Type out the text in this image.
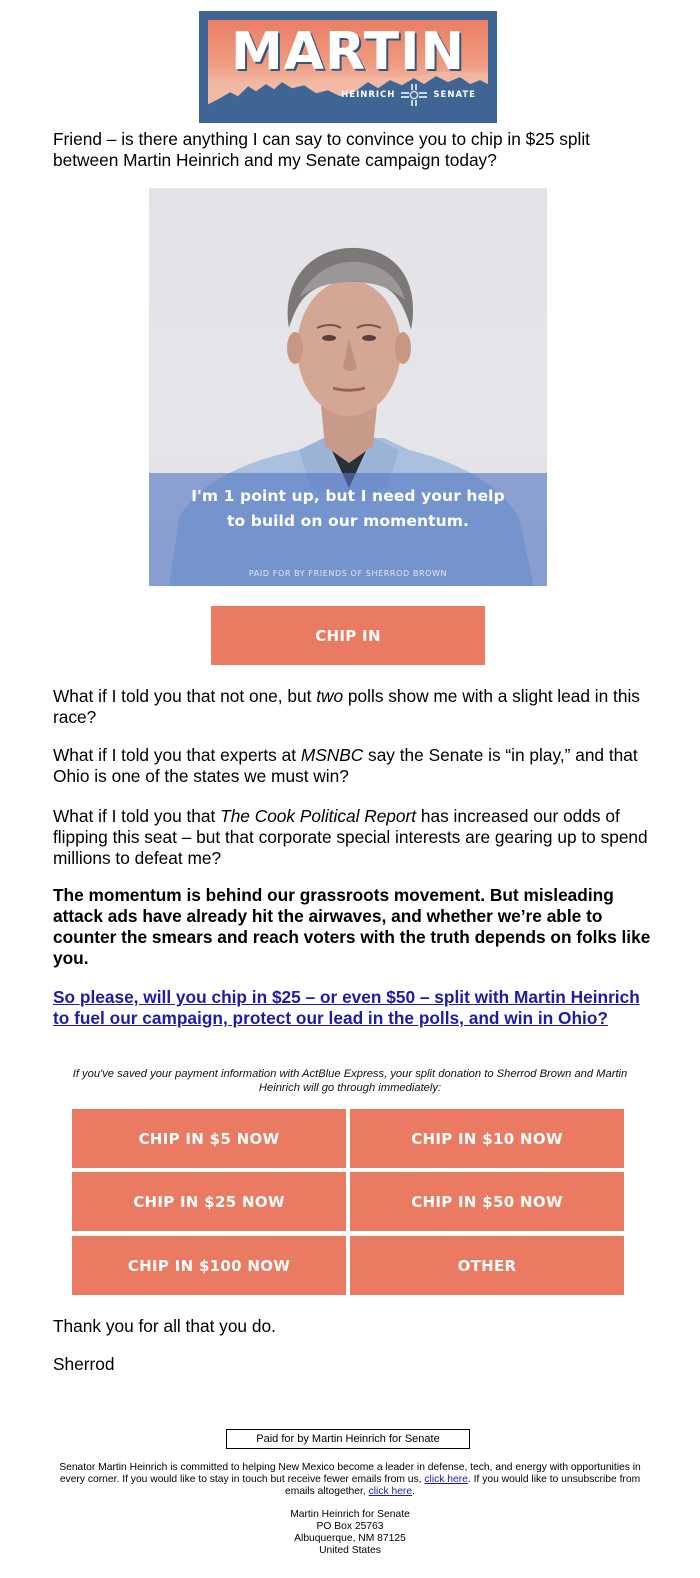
MARTIN
HEINRICH	SENATE

Friend – is there anything I can say to convince you to chip in $25 split between Martin Heinrich and my Senate campaign today?

I'm 1 point up, but I need your help
to build on our momentum.
PAID FOR BY FRIENDS OF SHERROD BROWN
CHIP IN

What if I told you that not one, but two polls show me with a slight lead in this race?

What if I told you that experts at MSNBC say the Senate is “in play,” and that Ohio is one of the states we must win?

What if I told you that The Cook Political Report has increased our odds of flipping this seat – but that corporate special interests are gearing up to spend millions to defeat me?

The momentum is behind our grassroots movement. But misleading attack ads have already hit the airwaves, and whether we’re able to counter the smears and reach voters with the truth depends on folks like you.

So please, will you chip in $25 – or even $50 – split with Martin Heinrich to fuel our campaign, protect our lead in the polls, and win in Ohio?

If you've saved your payment information with ActBlue Express, your split donation to Sherrod Brown and Martin Heinrich will go through immediately:

CHIP IN $5 NOW	CHIP IN $10 NOW
CHIP IN $25 NOW	CHIP IN $50 NOW
CHIP IN $100 NOW	OTHER

Thank you for all that you do.

Sherrod

Paid for by Martin Heinrich for Senate

Senator Martin Heinrich is committed to helping New Mexico become a leader in defense, tech, and energy with opportunities in every corner. If you would like to stay in touch but receive fewer emails from us, click here. If you would like to unsubscribe from emails altogether, click here.

Martin Heinrich for Senate
PO Box 25763
Albuquerque, NM 87125
United States
